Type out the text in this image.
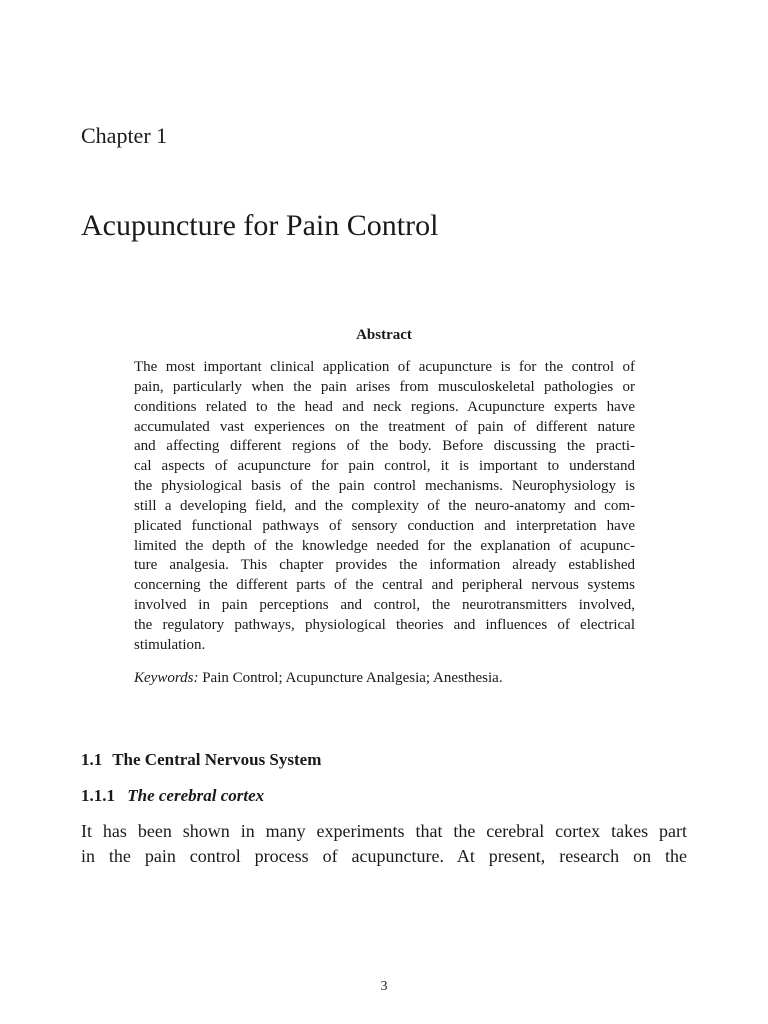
Chapter 1
Acupuncture for Pain Control
Abstract
The most important clinical application of acupuncture is for the control of
pain, particularly when the pain arises from musculoskeletal pathologies or
conditions related to the head and neck regions. Acupuncture experts have
accumulated vast experiences on the treatment of pain of different nature
and affecting different regions of the body. Before discussing the practi-
cal aspects of acupuncture for pain control, it is important to understand
the physiological basis of the pain control mechanisms. Neurophysiology is
still a developing field, and the complexity of the neuro-anatomy and com-
plicated functional pathways of sensory conduction and interpretation have
limited the depth of the knowledge needed for the explanation of acupunc-
ture analgesia. This chapter provides the information already established
concerning the different parts of the central and peripheral nervous systems
involved in pain perceptions and control, the neurotransmitters involved,
the regulatory pathways, physiological theories and influences of electrical
stimulation.
Keywords: Pain Control; Acupuncture Analgesia; Anesthesia.
1.1 The Central Nervous System
1.1.1 The cerebral cortex
It has been shown in many experiments that the cerebral cortex takes part
in the pain control process of acupuncture. At present, research on the
3
